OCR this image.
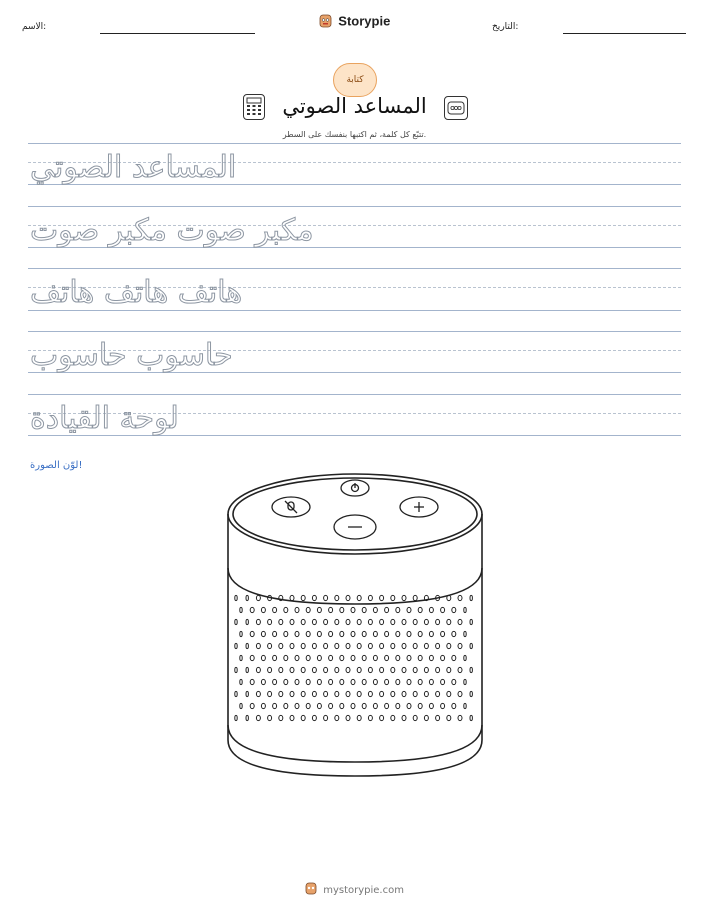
الاسم:	التاريخ:
Storypie
كتابة
المساعد الصوتي
تتبّع كل كلمة، ثم اكتبها بنفسك على السطر.
المساعد الصوتي
مكبر صوت مكبر صوت
هاتف هاتف هاتف
حاسوب حاسوب
لوحة القيادة
لوّن الصورة!
mystorypie.com
